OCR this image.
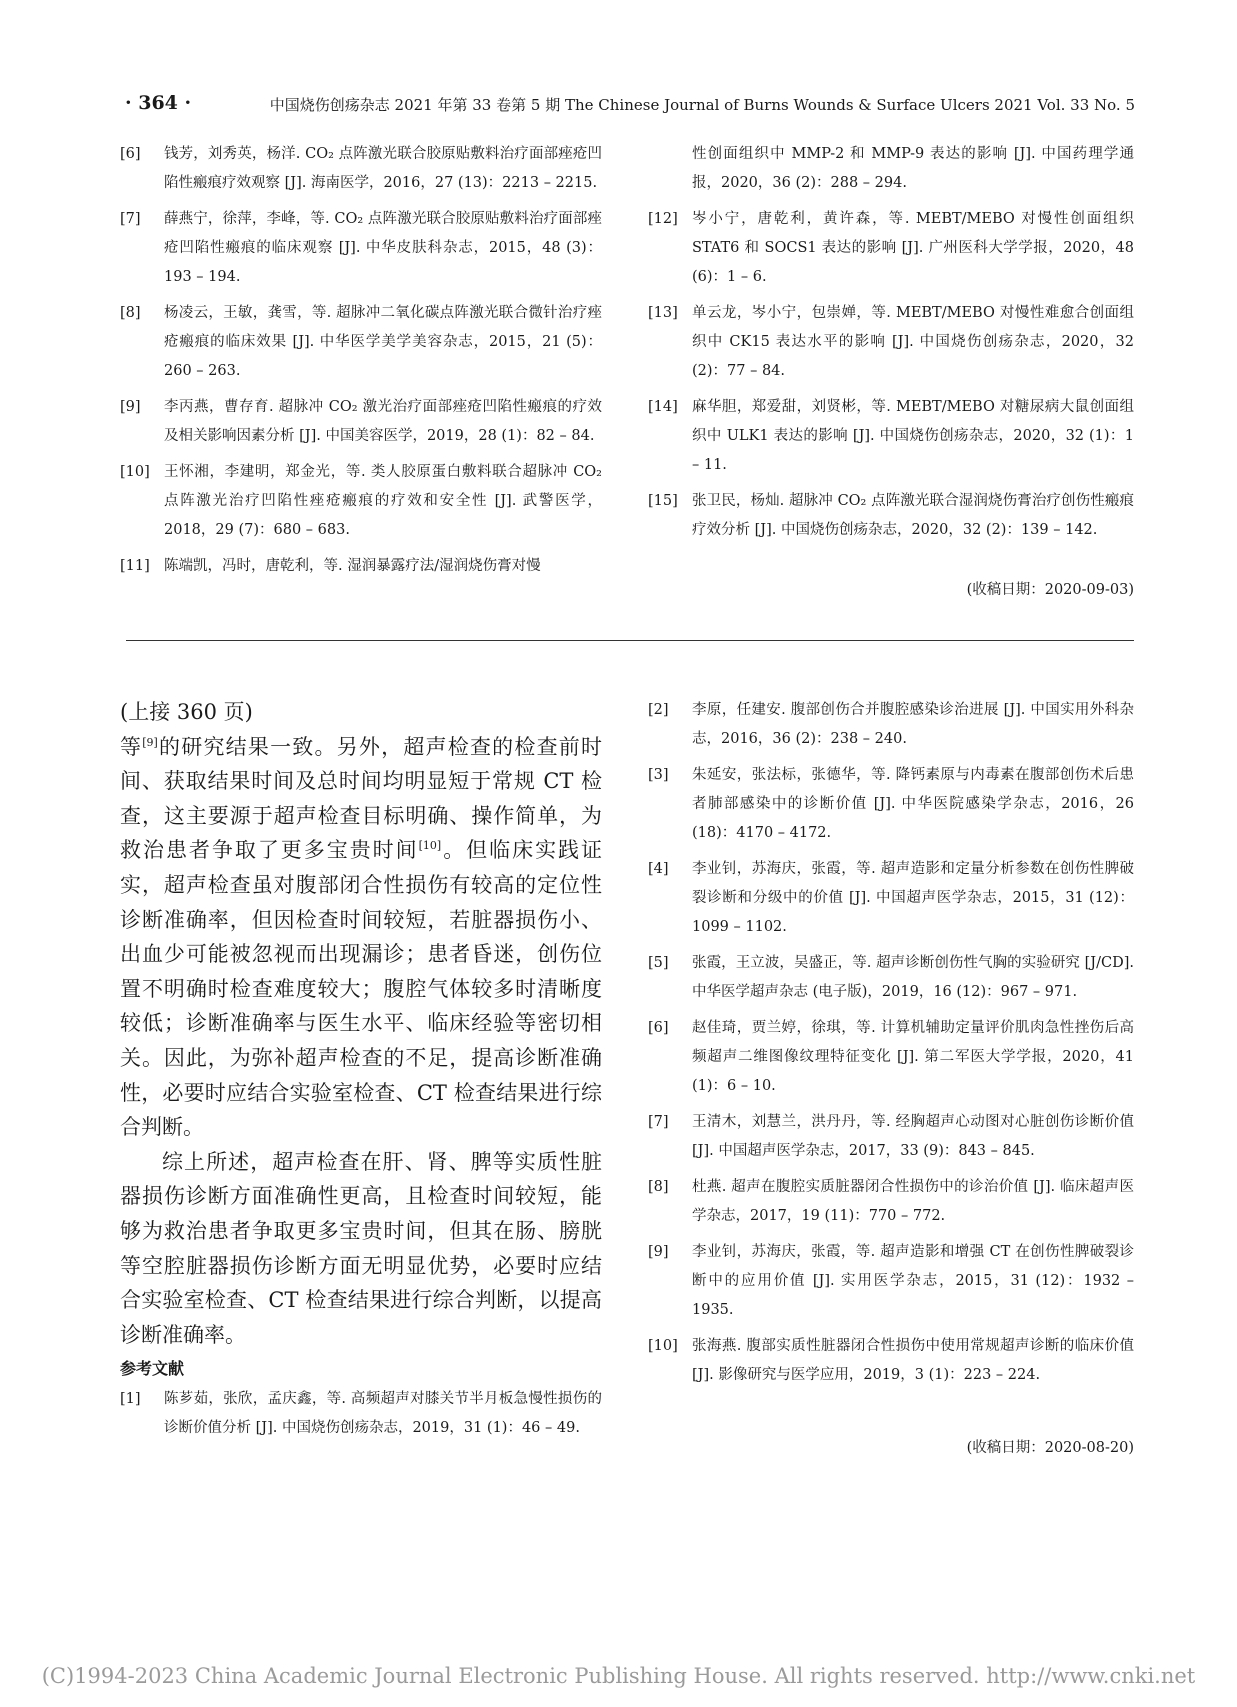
· 364 ·	中国烧伤创疡杂志 2021 年第 33 卷第 5 期 The Chinese Journal of Burns Wounds & Surface Ulcers 2021 Vol. 33 No. 5
[6]	钱芳，刘秀英，杨洋. CO₂ 点阵激光联合胶原贴敷料治疗面部痤疮凹陷性瘢痕疗效观察 [J]. 海南医学，2016，27 (13)：2213 – 2215.
[7]	薛燕宁，徐萍，李峰，等. CO₂ 点阵激光联合胶原贴敷料治疗面部痤疮凹陷性瘢痕的临床观察 [J]. 中华皮肤科杂志，2015，48 (3)：193 – 194.
[8]	杨凌云，王敏，龚雪，等. 超脉冲二氧化碳点阵激光联合微针治疗痤疮瘢痕的临床效果 [J]. 中华医学美学美容杂志，2015，21 (5)：260 – 263.
[9]	李丙燕，曹存育. 超脉冲 CO₂ 激光治疗面部痤疮凹陷性瘢痕的疗效及相关影响因素分析 [J]. 中国美容医学，2019，28 (1)：82 – 84.
[10] 王怀湘，李建明，郑金光，等. 类人胶原蛋白敷料联合超脉冲 CO₂ 点阵激光治疗凹陷性痤疮瘢痕的疗效和安全性 [J]. 武警医学，2018，29 (7)：680 – 683.
[11] 陈端凯，冯时，唐乾利，等. 湿润暴露疗法/湿润烧伤膏对慢
性创面组织中 MMP-2 和 MMP-9 表达的影响 [J]. 中国药理学通报，2020，36 (2)：288 – 294.
[12] 岑小宁，唐乾利，黄许森，等. MEBT/MEBO 对慢性创面组织 STAT6 和 SOCS1 表达的影响 [J]. 广州医科大学学报，2020，48 (6)：1 – 6.
[13] 单云龙，岑小宁，包崇婵，等. MEBT/MEBO 对慢性难愈合创面组织中 CK15 表达水平的影响 [J]. 中国烧伤创疡杂志，2020，32 (2)：77 – 84.
[14] 麻华胆，郑爱甜，刘贤彬，等. MEBT/MEBO 对糖尿病大鼠创面组织中 ULK1 表达的影响 [J]. 中国烧伤创疡杂志，2020，32 (1)：1 – 11.
[15] 张卫民，杨灿. 超脉冲 CO₂ 点阵激光联合湿润烧伤膏治疗创伤性瘢痕疗效分析 [J]. 中国烧伤创疡杂志，2020，32 (2)：139 – 142.
(收稿日期：2020-09-03)

(上接 360 页)

等[9]的研究结果一致。另外，超声检查的检查前时间、获取结果时间及总时间均明显短于常规 CT 检查，这主要源于超声检查目标明确、操作简单，为救治患者争取了更多宝贵时间[10]。但临床实践证实，超声检查虽对腹部闭合性损伤有较高的定位性诊断准确率，但因检查时间较短，若脏器损伤小、出血少可能被忽视而出现漏诊；患者昏迷，创伤位置不明确时检查难度较大；腹腔气体较多时清晰度较低；诊断准确率与医生水平、临床经验等密切相关。因此，为弥补超声检查的不足，提高诊断准确性，必要时应结合实验室检查、CT 检查结果进行综合判断。

综上所述，超声检查在肝、肾、脾等实质性脏器损伤诊断方面准确性更高，且检查时间较短，能够为救治患者争取更多宝贵时间，但其在肠、膀胱等空腔脏器损伤诊断方面无明显优势，必要时应结合实验室检查、CT 检查结果进行综合判断，以提高诊断准确率。

参考文献
[1]	陈芗茹，张欣，孟庆鑫，等. 高频超声对膝关节半月板急慢性损伤的诊断价值分析 [J]. 中国烧伤创疡杂志，2019，31 (1)：46 – 49.
[2]	李原，任建安. 腹部创伤合并腹腔感染诊治进展 [J]. 中国实用外科杂志，2016，36 (2)：238 – 240.
[3]	朱延安，张法标，张德华，等. 降钙素原与内毒素在腹部创伤术后患者肺部感染中的诊断价值 [J]. 中华医院感染学杂志，2016，26 (18)：4170 – 4172.
[4]	李业钊，苏海庆，张霞，等. 超声造影和定量分析参数在创伤性脾破裂诊断和分级中的价值 [J]. 中国超声医学杂志，2015，31 (12)：1099 – 1102.
[5]	张霞，王立波，吴盛正，等. 超声诊断创伤性气胸的实验研究 [J/CD]. 中华医学超声杂志 (电子版)，2019，16 (12)：967 – 971.
[6]	赵佳琦，贾兰婷，徐琪，等. 计算机辅助定量评价肌肉急性挫伤后高频超声二维图像纹理特征变化 [J]. 第二军医大学学报，2020，41 (1)：6 – 10.
[7]	王清木，刘慧兰，洪丹丹，等. 经胸超声心动图对心脏创伤诊断价值 [J]. 中国超声医学杂志，2017，33 (9)：843 – 845.
[8]	杜燕. 超声在腹腔实质脏器闭合性损伤中的诊治价值 [J]. 临床超声医学杂志，2017，19 (11)：770 – 772.
[9]	李业钊，苏海庆，张霞，等. 超声造影和增强 CT 在创伤性脾破裂诊断中的应用价值 [J]. 实用医学杂志，2015，31 (12)：1932 – 1935.
[10] 张海燕. 腹部实质性脏器闭合性损伤中使用常规超声诊断的临床价值 [J]. 影像研究与医学应用，2019，3 (1)：223 – 224.
(收稿日期：2020-08-20)
(C)1994-2023 China Academic Journal Electronic Publishing House. All rights reserved. http://www.cnki.net
